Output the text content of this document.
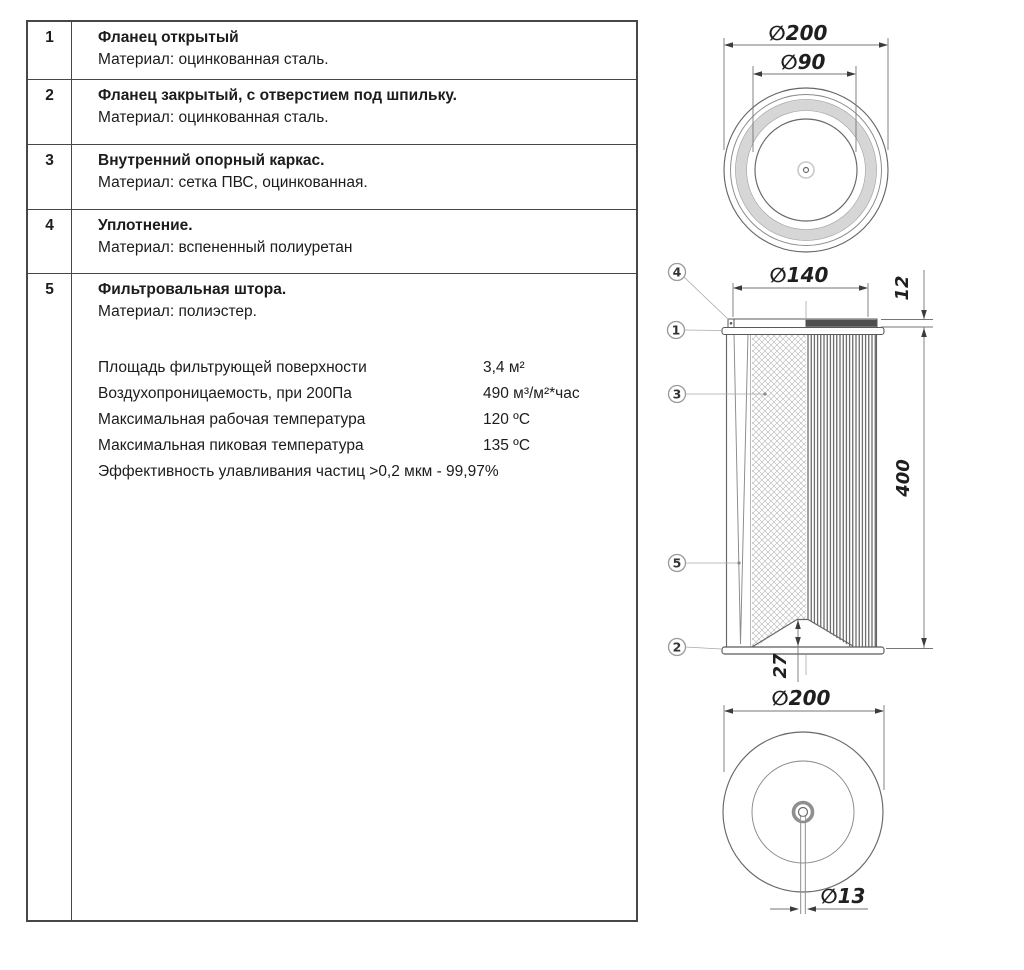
1	Фланец открытый
Материал: оцинкованная сталь.
2	Фланец закрытый, с отверстием под шпильку.
Материал: оцинкованная сталь.
3	Внутренний опорный каркас.
Материал: сетка ПВС, оцинкованная.
4	Уплотнение.
Материал: вспененный полиуретан
5	Фильтровальная штора.
Материал: полиэстер.
Площадь фильтрующей поверхности	3,4 м²
Воздухопроницаемость, при 200Па	490 м³/м²*час
Максимальная рабочая температура	120 ºС
Максимальная пиковая температура	135 ºС
Эффективность улавливания частиц >0,2 мкм - 99,97%
∅200
∅90
∅140
12
400
27
4
1
3
5
2
∅200
∅13
